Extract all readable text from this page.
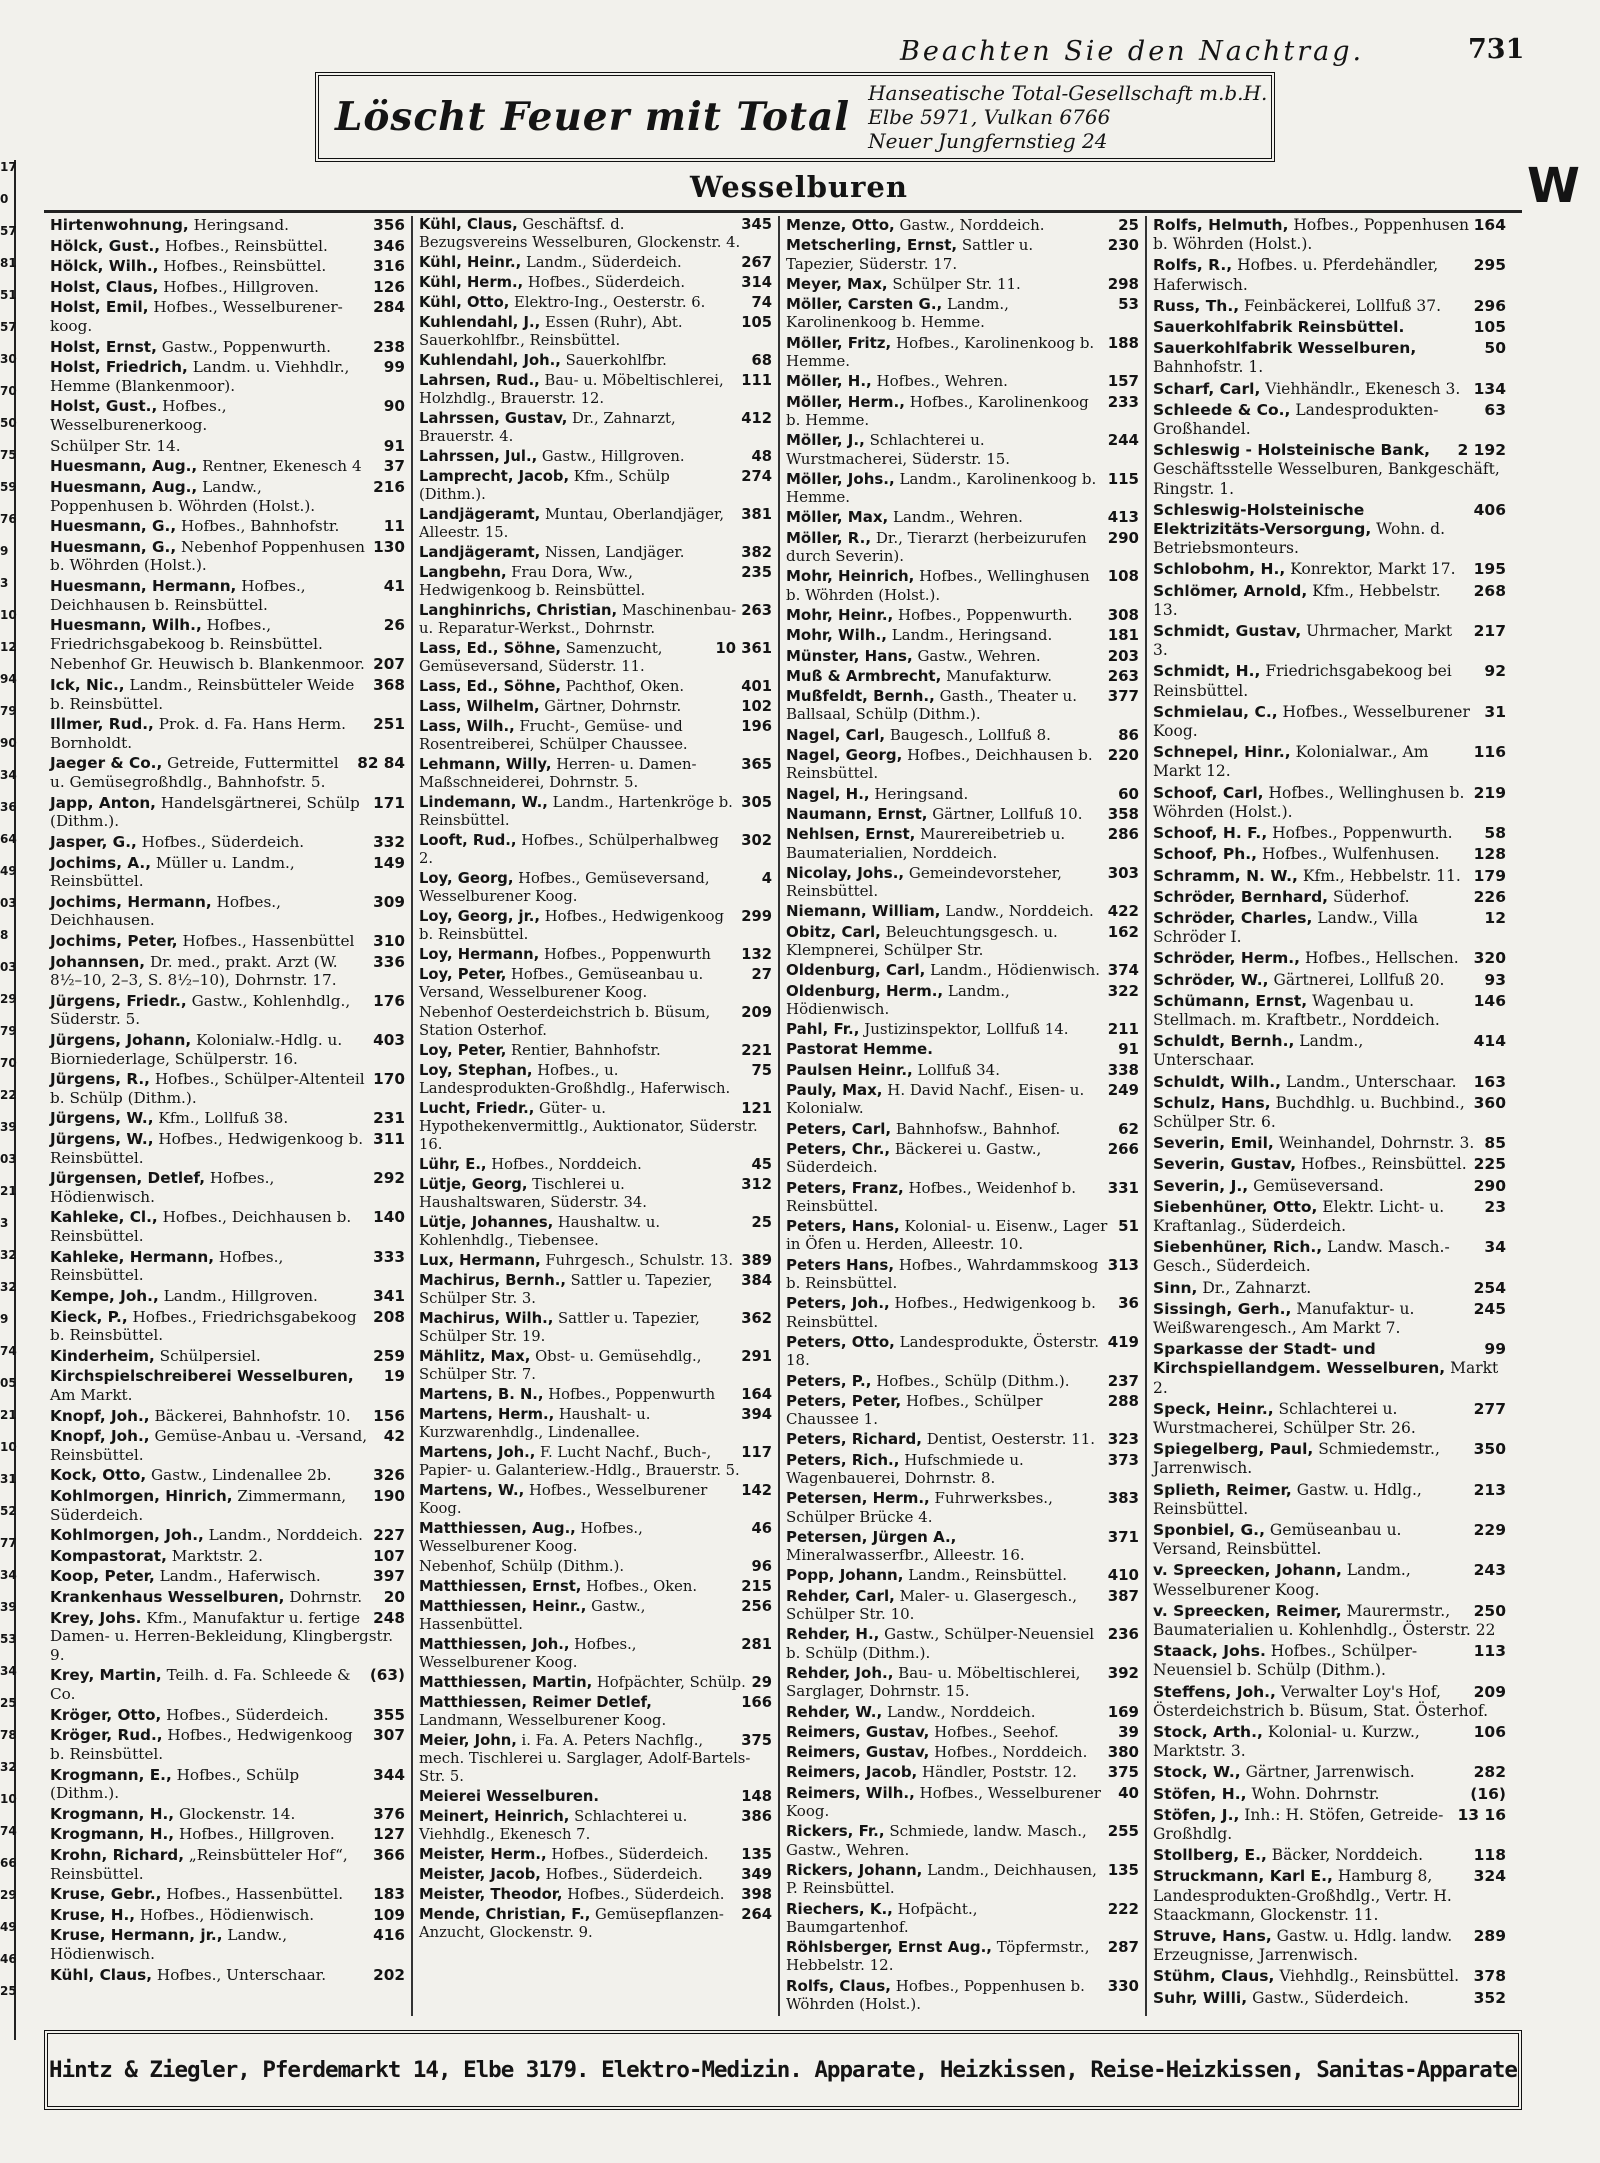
17
0
57
81
51
57
30
70
50
75
59
76
9
3
10
12
94
79
90
34
36
64
49
03
8
03
29
79
70
22
39
03
21
3
32
32
9
74
05
21
10
31
52
77
34
39
53
34
25
78
32
10
74
66
29
49
46
25
Beachten Sie den Nachtrag.	731
Löscht Feuer mit Total
Hanseatische Total-Gesellschaft m.b.H.
Elbe 5971, Vulkan 6766
Neuer Jungfernstieg 24
Wesselburen	W
356
Hirtenwohnung, Heringsand.
346
Hölck, Gust., Hofbes., Reinsbüttel.
316
Hölck, Wilh., Hofbes., Reinsbüttel.
126
Holst, Claus, Hofbes., Hillgroven.
284
Holst, Emil, Hofbes., Wesselburener-koog.
238
Holst, Ernst, Gastw., Poppenwurth.
99
Holst, Friedrich, Landm. u. Viehhdlr., Hemme (Blankenmoor).
90
Holst, Gust., Hofbes., Wesselburenerkoog.
91
Schülper Str. 14.
37
Huesmann, Aug., Rentner, Ekenesch 4
216
Huesmann, Aug., Landw., Poppenhusen b. Wöhrden (Holst.).
11
Huesmann, G., Hofbes., Bahnhofstr.
130
Huesmann, G., Nebenhof Poppenhusen b. Wöhrden (Holst.).
41
Huesmann, Hermann, Hofbes., Deichhausen b. Reinsbüttel.
26
Huesmann, Wilh., Hofbes., Friedrichsgabekoog b. Reinsbüttel.
207
Nebenhof Gr. Heuwisch b. Blankenmoor.
368
Ick, Nic., Landm., Reinsbütteler Weide b. Reinsbüttel.
251
Illmer, Rud., Prok. d. Fa. Hans Herm. Bornholdt.
82 84
Jaeger & Co., Getreide, Futtermittel u. Gemüsegroßhdlg., Bahnhofstr. 5.
171
Japp, Anton, Handelsgärtnerei, Schülp (Dithm.).
332
Jasper, G., Hofbes., Süderdeich.
149
Jochims, A., Müller u. Landm., Reinsbüttel.
309
Jochims, Hermann, Hofbes., Deichhausen.
310
Jochims, Peter, Hofbes., Hassenbüttel
336
Johannsen, Dr. med., prakt. Arzt (W. 8½–10, 2–3, S. 8½–10), Dohrnstr. 17.
176
Jürgens, Friedr., Gastw., Kohlenhdlg., Süderstr. 5.
403
Jürgens, Johann, Kolonialw.-Hdlg. u. Biorniederlage, Schülperstr. 16.
170
Jürgens, R., Hofbes., Schülper-Altenteil b. Schülp (Dithm.).
231
Jürgens, W., Kfm., Lollfuß 38.
311
Jürgens, W., Hofbes., Hedwigenkoog b. Reinsbüttel.
292
Jürgensen, Detlef, Hofbes., Hödienwisch.
140
Kahleke, Cl., Hofbes., Deichhausen b. Reinsbüttel.
333
Kahleke, Hermann, Hofbes., Reinsbüttel.
341
Kempe, Joh., Landm., Hillgroven.
208
Kieck, P., Hofbes., Friedrichsgabekoog b. Reinsbüttel.
259
Kinderheim, Schülpersiel.
19
Kirchspielschreiberei Wesselburen, Am Markt.
156
Knopf, Joh., Bäckerei, Bahnhofstr. 10.
42
Knopf, Joh., Gemüse-Anbau u. -Versand, Reinsbüttel.
326
Kock, Otto, Gastw., Lindenallee 2b.
190
Kohlmorgen, Hinrich, Zimmermann, Süderdeich.
227
Kohlmorgen, Joh., Landm., Norddeich.
107
Kompastorat, Marktstr. 2.
397
Koop, Peter, Landm., Haferwisch.
20
Krankenhaus Wesselburen, Dohrnstr.
248
Krey, Johs. Kfm., Manufaktur u. fertige Damen- u. Herren-Bekleidung, Klingbergstr. 9.
(63)
Krey, Martin, Teilh. d. Fa. Schleede & Co.
355
Kröger, Otto, Hofbes., Süderdeich.
307
Kröger, Rud., Hofbes., Hedwigenkoog b. Reinsbüttel.
344
Krogmann, E., Hofbes., Schülp (Dithm.).
376
Krogmann, H., Glockenstr. 14.
127
Krogmann, H., Hofbes., Hillgroven.
366
Krohn, Richard, „Reinsbütteler Hof“, Reinsbüttel.
183
Kruse, Gebr., Hofbes., Hassenbüttel.
109
Kruse, H., Hofbes., Hödienwisch.
416
Kruse, Hermann, jr., Landw., Hödienwisch.
202
Kühl, Claus, Hofbes., Unterschaar.
345
Kühl, Claus, Geschäftsf. d. Bezugsvereins Wesselburen, Glockenstr. 4.
267
Kühl, Heinr., Landm., Süderdeich.
314
Kühl, Herm., Hofbes., Süderdeich.
74
Kühl, Otto, Elektro-Ing., Oesterstr. 6.
105
Kuhlendahl, J., Essen (Ruhr), Abt. Sauerkohlfbr., Reinsbüttel.
68
Kuhlendahl, Joh., Sauerkohlfbr.
111
Lahrsen, Rud., Bau- u. Möbeltischlerei, Holzhdlg., Brauerstr. 12.
412
Lahrssen, Gustav, Dr., Zahnarzt, Brauerstr. 4.
48
Lahrssen, Jul., Gastw., Hillgroven.
274
Lamprecht, Jacob, Kfm., Schülp (Dithm.).
381
Landjägeramt, Muntau, Oberlandjäger, Alleestr. 15.
382
Landjägeramt, Nissen, Landjäger.
235
Langbehn, Frau Dora, Ww., Hedwigenkoog b. Reinsbüttel.
263
Langhinrichs, Christian, Maschinenbau- u. Reparatur-Werkst., Dohrnstr.
10 361
Lass, Ed., Söhne, Samenzucht, Gemüseversand, Süderstr. 11.
401
Lass, Ed., Söhne, Pachthof, Oken.
102
Lass, Wilhelm, Gärtner, Dohrnstr.
196
Lass, Wilh., Frucht-, Gemüse- und Rosentreiberei, Schülper Chaussee.
365
Lehmann, Willy, Herren- u. Damen-Maßschneiderei, Dohrnstr. 5.
305
Lindemann, W., Landm., Hartenkröge b. Reinsbüttel.
302
Looft, Rud., Hofbes., Schülperhalbweg 2.
4
Loy, Georg, Hofbes., Gemüseversand, Wesselburener Koog.
299
Loy, Georg, jr., Hofbes., Hedwigenkoog b. Reinsbüttel.
132
Loy, Hermann, Hofbes., Poppenwurth
27
Loy, Peter, Hofbes., Gemüseanbau u. Versand, Wesselburener Koog.
209
Nebenhof Oesterdeichstrich b. Büsum, Station Osterhof.
221
Loy, Peter, Rentier, Bahnhofstr.
75
Loy, Stephan, Hofbes., u. Landesprodukten-Großhdlg., Haferwisch.
121
Lucht, Friedr., Güter- u. Hypothekenvermittlg., Auktionator, Süderstr. 16.
45
Lühr, E., Hofbes., Norddeich.
312
Lütje, Georg, Tischlerei u. Haushaltswaren, Süderstr. 34.
25
Lütje, Johannes, Haushaltw. u. Kohlenhdlg., Tiebensee.
389
Lux, Hermann, Fuhrgesch., Schulstr. 13.
384
Machirus, Bernh., Sattler u. Tapezier, Schülper Str. 3.
362
Machirus, Wilh., Sattler u. Tapezier, Schülper Str. 19.
291
Mählitz, Max, Obst- u. Gemüsehdlg., Schülper Str. 7.
164
Martens, B. N., Hofbes., Poppenwurth
394
Martens, Herm., Haushalt- u. Kurzwarenhdlg., Lindenallee.
117
Martens, Joh., F. Lucht Nachf., Buch-, Papier- u. Galanteriew.-Hdlg., Brauerstr. 5.
142
Martens, W., Hofbes., Wesselburener Koog.
46
Matthiessen, Aug., Hofbes., Wesselburener Koog.
96
Nebenhof, Schülp (Dithm.).
215
Matthiessen, Ernst, Hofbes., Oken.
256
Matthiessen, Heinr., Gastw., Hassenbüttel.
281
Matthiessen, Joh., Hofbes., Wesselburener Koog.
29
Matthiessen, Martin, Hofpächter, Schülp.
166
Matthiessen, Reimer Detlef, Landmann, Wesselburener Koog.
375
Meier, John, i. Fa. A. Peters Nachflg., mech. Tischlerei u. Sarglager, Adolf-Bartels-Str. 5.
148
Meierei Wesselburen.
386
Meinert, Heinrich, Schlachterei u. Viehhdlg., Ekenesch 7.
135
Meister, Herm., Hofbes., Süderdeich.
349
Meister, Jacob, Hofbes., Süderdeich.
398
Meister, Theodor, Hofbes., Süderdeich.
264
Mende, Christian, F., Gemüsepflanzen-Anzucht, Glockenstr. 9.
25
Menze, Otto, Gastw., Norddeich.
230
Metscherling, Ernst, Sattler u. Tapezier, Süderstr. 17.
298
Meyer, Max, Schülper Str. 11.
53
Möller, Carsten G., Landm., Karolinenkoog b. Hemme.
188
Möller, Fritz, Hofbes., Karolinenkoog b. Hemme.
157
Möller, H., Hofbes., Wehren.
233
Möller, Herm., Hofbes., Karolinenkoog b. Hemme.
244
Möller, J., Schlachterei u. Wurstmacherei, Süderstr. 15.
115
Möller, Johs., Landm., Karolinenkoog b. Hemme.
413
Möller, Max, Landm., Wehren.
290
Möller, R., Dr., Tierarzt (herbeizurufen durch Severin).
108
Mohr, Heinrich, Hofbes., Wellinghusen b. Wöhrden (Holst.).
308
Mohr, Heinr., Hofbes., Poppenwurth.
181
Mohr, Wilh., Landm., Heringsand.
203
Münster, Hans, Gastw., Wehren.
263
Muß & Armbrecht, Manufakturw.
377
Mußfeldt, Bernh., Gasth., Theater u. Ballsaal, Schülp (Dithm.).
86
Nagel, Carl, Baugesch., Lollfuß 8.
220
Nagel, Georg, Hofbes., Deichhausen b. Reinsbüttel.
60
Nagel, H., Heringsand.
358
Naumann, Ernst, Gärtner, Lollfuß 10.
286
Nehlsen, Ernst, Maurereibetrieb u. Baumaterialien, Norddeich.
303
Nicolay, Johs., Gemeindevorsteher, Reinsbüttel.
422
Niemann, William, Landw., Norddeich.
162
Obitz, Carl, Beleuchtungsgesch. u. Klempnerei, Schülper Str.
374
Oldenburg, Carl, Landm., Hödienwisch.
322
Oldenburg, Herm., Landm., Hödienwisch.
211
Pahl, Fr., Justizinspektor, Lollfuß 14.
91
Pastorat Hemme.
338
Paulsen Heinr., Lollfuß 34.
249
Pauly, Max, H. David Nachf., Eisen- u. Kolonialw.
62
Peters, Carl, Bahnhofsw., Bahnhof.
266
Peters, Chr., Bäckerei u. Gastw., Süderdeich.
331
Peters, Franz, Hofbes., Weidenhof b. Reinsbüttel.
51
Peters, Hans, Kolonial- u. Eisenw., Lager in Öfen u. Herden, Alleestr. 10.
313
Peters Hans, Hofbes., Wahrdammskoog b. Reinsbüttel.
36
Peters, Joh., Hofbes., Hedwigenkoog b. Reinsbüttel.
419
Peters, Otto, Landesprodukte, Österstr. 18.
237
Peters, P., Hofbes., Schülp (Dithm.).
288
Peters, Peter, Hofbes., Schülper Chaussee 1.
323
Peters, Richard, Dentist, Oesterstr. 11.
373
Peters, Rich., Hufschmiede u. Wagenbauerei, Dohrnstr. 8.
383
Petersen, Herm., Fuhrwerksbes., Schülper Brücke 4.
371
Petersen, Jürgen A., Mineralwasserfbr., Alleestr. 16.
410
Popp, Johann, Landm., Reinsbüttel.
387
Rehder, Carl, Maler- u. Glasergesch., Schülper Str. 10.
236
Rehder, H., Gastw., Schülper-Neuensiel b. Schülp (Dithm.).
392
Rehder, Joh., Bau- u. Möbeltischlerei, Sarglager, Dohrnstr. 15.
169
Rehder, W., Landw., Norddeich.
39
Reimers, Gustav, Hofbes., Seehof.
380
Reimers, Gustav, Hofbes., Norddeich.
375
Reimers, Jacob, Händler, Poststr. 12.
40
Reimers, Wilh., Hofbes., Wesselburener Koog.
255
Rickers, Fr., Schmiede, landw. Masch., Gastw., Wehren.
135
Rickers, Johann, Landm., Deichhausen, P. Reinsbüttel.
222
Riechers, K., Hofpächt., Baumgartenhof.
287
Röhlsberger, Ernst Aug., Töpfermstr., Hebbelstr. 12.
330
Rolfs, Claus, Hofbes., Poppenhusen b. Wöhrden (Holst.).
164
Rolfs, Helmuth, Hofbes., Poppenhusen b. Wöhrden (Holst.).
295
Rolfs, R., Hofbes. u. Pferdehändler, Haferwisch.
296
Russ, Th., Feinbäckerei, Lollfuß 37.
105
Sauerkohlfabrik Reinsbüttel.
50
Sauerkohlfabrik Wesselburen, Bahnhofstr. 1.
134
Scharf, Carl, Viehhändlr., Ekenesch 3.
63
Schleede & Co., Landesprodukten-Großhandel.
2 192
Schleswig - Holsteinische Bank, Geschäftsstelle Wesselburen, Bankgeschäft, Ringstr. 1.
406
Schleswig-Holsteinische Elektrizitäts-Versorgung, Wohn. d. Betriebsmonteurs.
195
Schlobohm, H., Konrektor, Markt 17.
268
Schlömer, Arnold, Kfm., Hebbelstr. 13.
217
Schmidt, Gustav, Uhrmacher, Markt 3.
92
Schmidt, H., Friedrichsgabekoog bei Reinsbüttel.
31
Schmielau, C., Hofbes., Wesselburener Koog.
116
Schnepel, Hinr., Kolonialwar., Am Markt 12.
219
Schoof, Carl, Hofbes., Wellinghusen b. Wöhrden (Holst.).
58
Schoof, H. F., Hofbes., Poppenwurth.
128
Schoof, Ph., Hofbes., Wulfenhusen.
179
Schramm, N. W., Kfm., Hebbelstr. 11.
226
Schröder, Bernhard, Süderhof.
12
Schröder, Charles, Landw., Villa Schröder I.
320
Schröder, Herm., Hofbes., Hellschen.
93
Schröder, W., Gärtnerei, Lollfuß 20.
146
Schümann, Ernst, Wagenbau u. Stellmach. m. Kraftbetr., Norddeich.
414
Schuldt, Bernh., Landm., Unterschaar.
163
Schuldt, Wilh., Landm., Unterschaar.
360
Schulz, Hans, Buchdhlg. u. Buchbind., Schülper Str. 6.
85
Severin, Emil, Weinhandel, Dohrnstr. 3.
225
Severin, Gustav, Hofbes., Reinsbüttel.
290
Severin, J., Gemüseversand.
23
Siebenhüner, Otto, Elektr. Licht- u. Kraftanlag., Süderdeich.
34
Siebenhüner, Rich., Landw. Masch.-Gesch., Süderdeich.
254
Sinn, Dr., Zahnarzt.
245
Sissingh, Gerh., Manufaktur- u. Weißwarengesch., Am Markt 7.
99
Sparkasse der Stadt- und Kirchspiellandgem. Wesselburen, Markt 2.
277
Speck, Heinr., Schlachterei u. Wurstmacherei, Schülper Str. 26.
350
Spiegelberg, Paul, Schmiedemstr., Jarrenwisch.
213
Splieth, Reimer, Gastw. u. Hdlg., Reinsbüttel.
229
Sponbiel, G., Gemüseanbau u. Versand, Reinsbüttel.
243
v. Spreecken, Johann, Landm., Wesselburener Koog.
250
v. Spreecken, Reimer, Maurermstr., Baumaterialien u. Kohlenhdlg., Österstr. 22
113
Staack, Johs. Hofbes., Schülper-Neuensiel b. Schülp (Dithm.).
209
Steffens, Joh., Verwalter Loy's Hof, Österdeichstrich b. Büsum, Stat. Österhof.
106
Stock, Arth., Kolonial- u. Kurzw., Marktstr. 3.
282
Stock, W., Gärtner, Jarrenwisch.
(16)
Stöfen, H., Wohn. Dohrnstr.
13 16
Stöfen, J., Inh.: H. Stöfen, Getreide-Großhdlg.
118
Stollberg, E., Bäcker, Norddeich.
324
Struckmann, Karl E., Hamburg 8, Landesprodukten-Großhdlg., Vertr. H. Staackmann, Glockenstr. 11.
289
Struve, Hans, Gastw. u. Hdlg. landw. Erzeugnisse, Jarrenwisch.
378
Stühm, Claus, Viehhdlg., Reinsbüttel.
352
Suhr, Willi, Gastw., Süderdeich.
Hintz & Ziegler, Pferdemarkt 14, Elbe 3179. Elektro-Medizin. Apparate, Heizkissen, Reise-Heizkissen, Sanitas-Apparate
